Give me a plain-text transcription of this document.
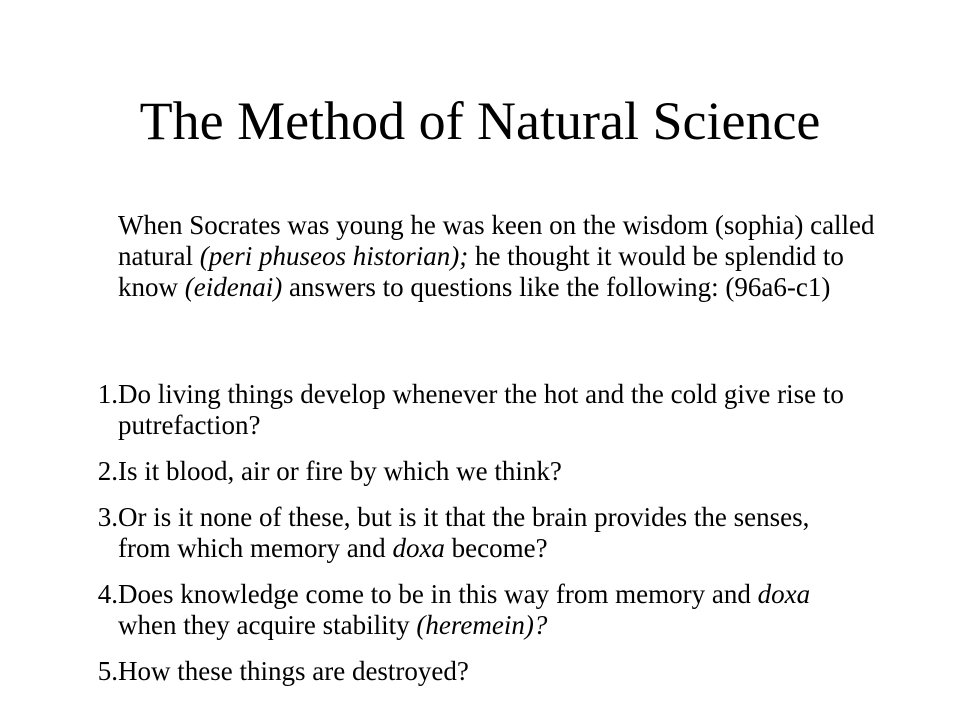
The Method of Natural Science

When Socrates was young he was keen on the wisdom (sophia) called natural (peri phuseos historian); he thought it would be splendid to know (eidenai) answers to questions like the following: (96a6-c1)

1. Do living things develop whenever the hot and the cold give rise to putrefaction?
2. Is it blood, air or fire by which we think?
3. Or is it none of these, but is it that the brain provides the senses, from which memory and doxa become?
4. Does knowledge come to be in this way from memory and doxa when they acquire stability (heremein)?
5. How these things are destroyed?
